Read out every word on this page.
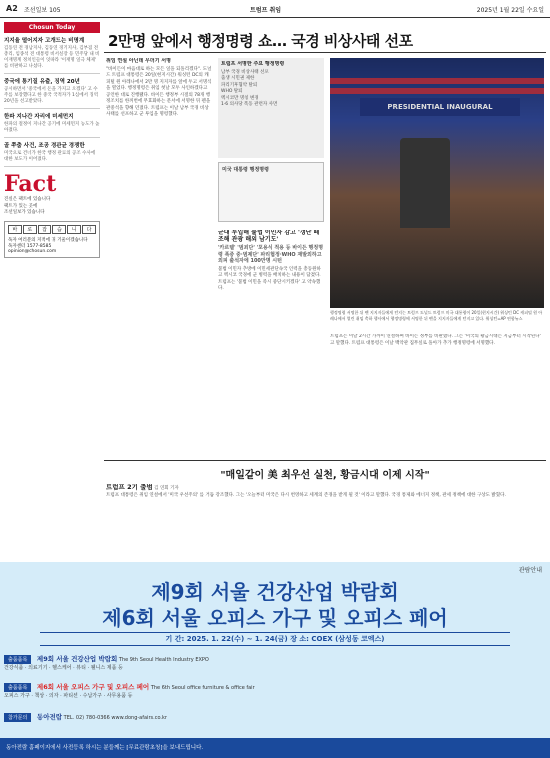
A2 조선일보 105	트럼프 취임	2025년 1월 22일 수요일
Chosun Today
지지율 떨어지자 고개드는 비명계

김동연 전 경남지사, 김동연 경기지사, 김부겸 전 총리, 임종석 전 대통령 비서실장 등 민주당 내 비이재명계 정치인들이 잇따라 '이재명 일극 체제' 를 비판하고 나섰다.

중국에 통기질 유출, 징역 20년

공시하면서 '중국에서 돈을 가지고 오겠다' 고 수주를 보장했다고 한 중국 국적자가 1심에서 징역 20년을 선고받았다.

한파 지나간 자리에 미세먼지

한파의 절정이 지나간 공기에 미세먼지 농도가 높아졌다.

골 쭈춤 사건, 조공 경관균 경쟁한

미국으로 건너가 한국 행정 관료의 공조 수사에 대한 보도가 이어졌다.

Fact

진실은 팩트에 있습니다

팩트가 있는 곳에

조선일보가 있습니다

바	로	잡	습	니	다

독자 여러분의 지적에 귀 기울이겠습니다

독자센터 1577-8585

opinion@chosun.com

2만명 앞에서 행정명령 쇼… 국경 비상사태 선포
취임 연설 아닌데 무더기 서명

"바이든이 마음대로 하는 모든 일을 되돌리겠다". 도널드 트럼프 대통령은 20일(현지시간) 워싱턴 DC의 캐피털 원 아레나에서 2만 명 지지자를 앞에 두고 서명식을 열었다. 행정명령은 취임 첫날 모두 사인하겠다고 공언한 대로 진행됐다. 바이든 행정부 시절의 78개 행정조치를 한꺼번에 무효화하는 문서에 서명한 뒤 펜을 관중석을 향해 던졌다. 트럼프는 이날 남부 국경 비상사태를 선포하고 군 투입을 명령했다.

트럼프 서명한 주요 행정명령

남부 국경 비상사태 선포

출생 시민권 제한

파리기후협약 탈퇴

WHO 탈퇴

멕시코만 명칭 변경

1·6 의사당 폭동 관련자 사면

미국 대통령 행정명령
군대 투입해 불법 이민자 감고 '갱단 떼조해 관광 해외 남기도'
'카르텔' '범죄단' '포용식 적용 등 바이든 행정명령 폭증 중·범제단' 파리협정·WHO 재발외하고 외피 출석자에 100만명 시턴

불법 이민자 추방에 이민세관단속국 인력을 총동원하고 멕시코 국경에 군 병력을 배치하는 내용이 담겼다. 트럼프는 '불법 이민을 즉시 중단시키겠다' 고 약속했다.

PRESIDENTIAL INAUGURAL
행정명령 서명한 뒤 펜 지지자들에게 던지는 트럼프 도널드 트럼프 미국 대통령이 20일(현지시간) 워싱턴 DC 캐피털 원 아레나에서 열린 취임 축하 행사에서 행정명령에 서명한 뒤 펜을 지지자들에게 던지고 있다. 워싱턴=AP 연합뉴스

트럼프는 이날 2시간 가까이 연설하며 바이든 정부를 비판했다. 그는 '미국의 황금시대는 지금부터 시작된다' 고 말했다. 트럼프 대통령은 이날 백악관 집무실로 돌아가 추가 행정명령에 서명했다.

"매일같이 美 최우선 실천, 황금시대 이제 시작"
트럼프 2기 출범 김 연회 기자

트럼프 대통령은 취임 연설에서 '미국 우선주의' 를 거듭 강조했다. 그는 '오늘부터 미국은 다시 번영하고 세계의 존경을 받게 될 것' 이라고 말했다. 국경 통제와 에너지 정책, 관세 정책에 대한 구상도 밝혔다.

관람안내
제9회 서울 건강산업 박람회
제6회 서울 오피스 가구 및 오피스 페어
기 간: 2025. 1. 22(수) ~ 1. 24(금) 장 소: COEX (삼성동 코엑스)
출품품목 제9회 서울 건강산업 박람회 The 9th Seoul Health Industry EXPO
건강식품 · 의료기기 · 헬스케어 · 뷰티 · 웰니스 제품 등
출품품목 제6회 서울 오피스 가구 및 오피스 페어 The 6th Seoul office furniture & office fair
오피스 가구 · 책상 · 의자 · 파티션 · 수납가구 · 사무용품 등
참가문의 동아전람 TEL. 02) 780-0366 www.dong-afairs.co.kr
동아전람 홈페이지에서 사전등록 하시는 분들께는 [무료관람초청]을 보내드립니다.
